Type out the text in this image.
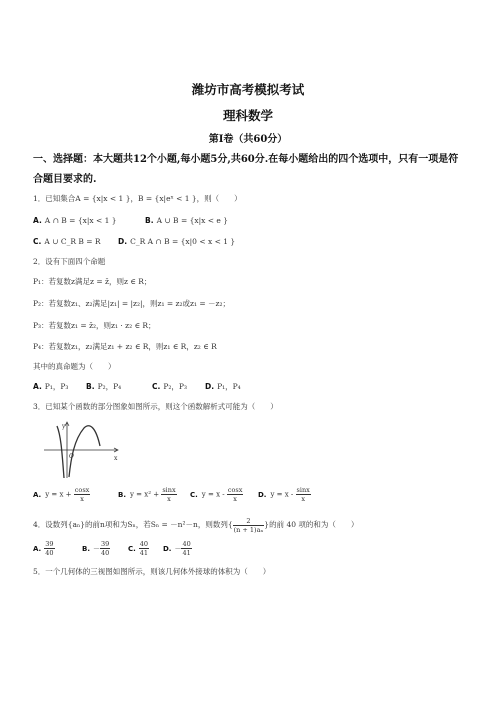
潍坊市高考模拟考试
理科数学
第Ⅰ卷（共60分）
一、选择题：本大题共12个小题,每小题5分,共60分.在每小题给出的四个选项中，只有一项是符合题目要求的.
1．已知集合A = {x|x < 1 }，B = {x|eˣ < 1 }，则（　　）
A. A ∩ B = {x|x < 1 }	B. A ∪ B = {x|x < e }
C. A ∪ C_R B = R D. C_R A ∩ B = {x|0 < x < 1 }
2．设有下面四个命题
P₁：若复数z满足z = z̄，则z ∈ R；
P₂：若复数z₁、z₂满足|z₁| = |z₂|，则z₁ = z₂或z₁ = －z₂；
P₃：若复数z₁ = z̄₂，则z₁ · z₂ ∈ R；
P₄：若复数z₁，z₂满足z₁ + z₂ ∈ R，则z₁ ∈ R，z₂ ∈ R
其中的真命题为（　　）
A. P₁，P₃ B. P₂，P₄	C. P₂，P₃ D. P₁，P₄
3．已知某个函数的部分图象如图所示，则这个函数解析式可能为（　　）
y
x
O
A. $y = x + \frac{\cos x}{x}$	B. $y = x^2 + \frac{\sin x}{x} C$. $y = x - \frac{\cos x}{x} D$. $y = x - \frac{\sin x}{x}$
4．设数列{aₙ}的前n项和为Sₙ，若Sₙ = －n²－n，则数列{ $\frac{2}{\text{(n + 1)aₙ}}$ }的前 40 项的和为（　　）
A. $\frac{39}{40}$	B. － $\frac{39}{40}$	C. $\frac{40}{41} D$. － $\frac{40}{41}$
5．一个几何体的三视图如图所示，则该几何体外接球的体积为（　　）
